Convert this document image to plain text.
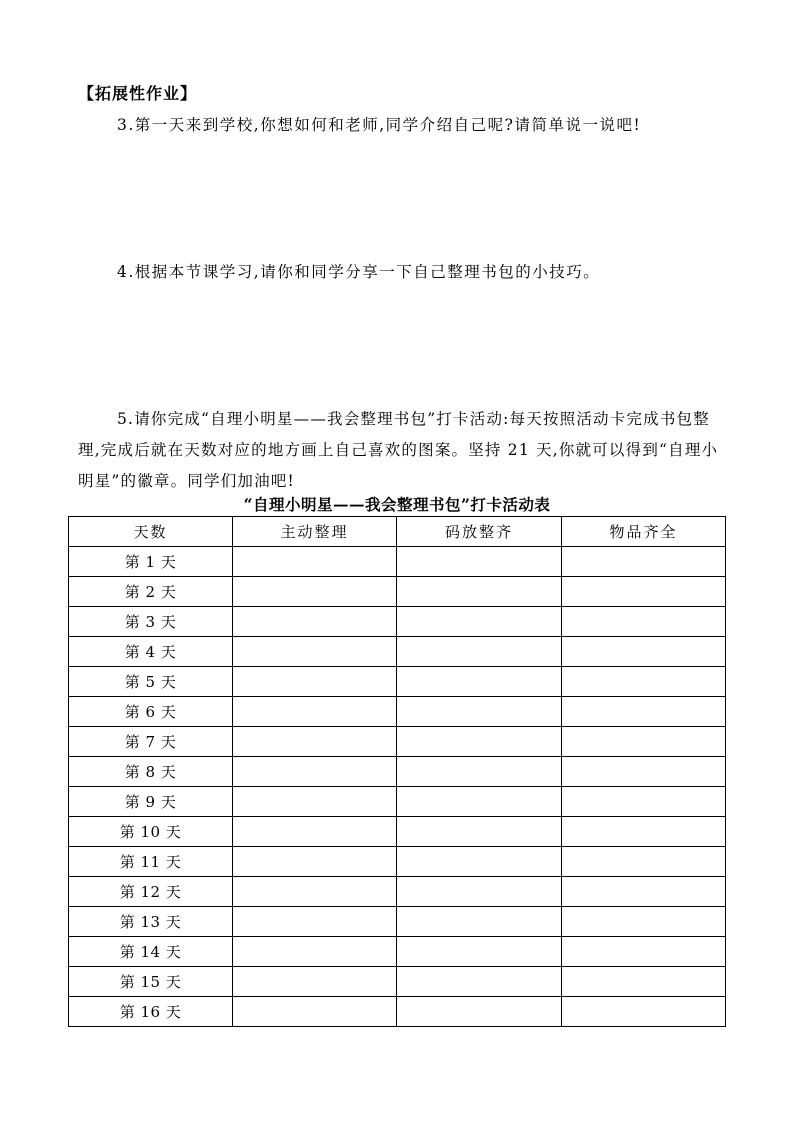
【拓展性作业】
3.第一天来到学校,你想如何和老师,同学介绍自己呢?请简单说一说吧!
4.根据本节课学习,请你和同学分享一下自己整理书包的小技巧。
5.请你完成“自理小明星——我会整理书包”打卡活动:每天按照活动卡完成书包整理,完成后就在天数对应的地方画上自己喜欢的图案。坚持 21 天,你就可以得到“自理小明星”的徽章。同学们加油吧!
“自理小明星——我会整理书包”打卡活动表
天数	主动整理	码放整齐	物品齐全
第 1 天			
第 2 天			
第 3 天			
第 4 天			
第 5 天			
第 6 天			
第 7 天			
第 8 天			
第 9 天			
第 10 天			
第 11 天			
第 12 天			
第 13 天			
第 14 天			
第 15 天			
第 16 天			
